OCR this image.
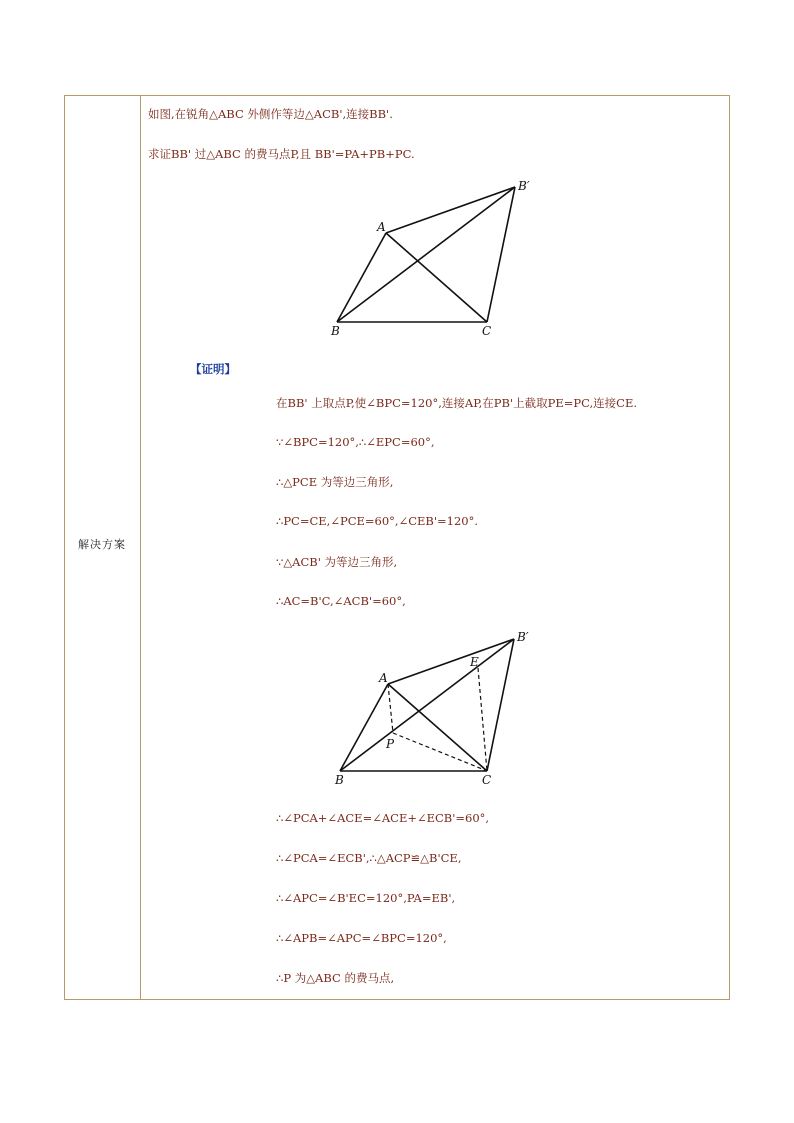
解决方案
如图,在锐角△ABC 外侧作等边△ACB',连接BB'.
求证BB' 过△ABC 的费马点P,且 BB'=PA+PB+PC.
A
B	C
B′
【证明】
在BB' 上取点P,使∠BPC=120°,连接AP,在PB'上截取PE=PC,连接CE.
∵∠BPC=120°,∴∠EPC=60°,
∴△PCE 为等边三角形,
∴PC=CE,∠PCE=60°,∠CEB'=120°.
∵△ACB' 为等边三角形,
∴AC=B'C,∠ACB'=60°,
A
B	C
B′
E
P
∴∠PCA+∠ACE=∠ACE+∠ECB'=60°,
∴∠PCA=∠ECB',∴△ACP≌△B'CE,
∴∠APC=∠B'EC=120°,PA=EB',
∴∠APB=∠APC=∠BPC=120°,
∴P 为△ABC 的费马点,
